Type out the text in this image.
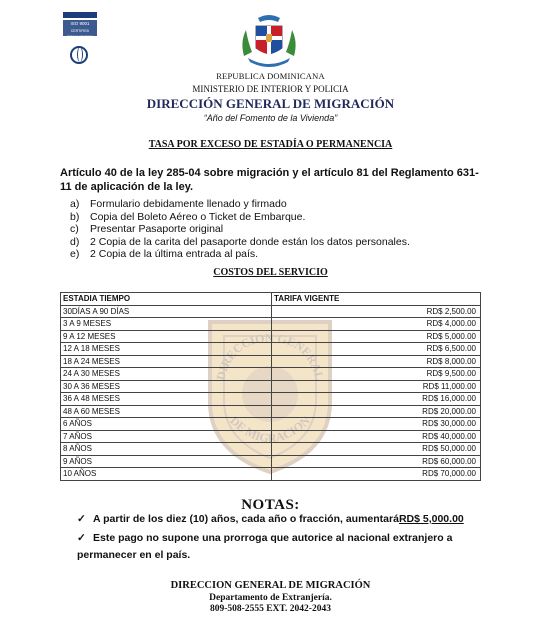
ISO 9001
CERTIFIED ORGANIZATION
REPUBLICA DOMINICANA
MINISTERIO DE INTERIOR Y POLICIA
DIRECCIÓN GENERAL DE MIGRACIÓN
“Año del Fomento de la Vivienda”
TASA POR EXCESO DE ESTADÍA O PERMANENCIA
Artículo 40 de la ley 285-04 sobre migración y el artículo 81 del Reglamento 631-11 de aplicación de la ley.
a)	Formulario debidamente llenado y firmado
b)	Copia del Boleto Aéreo o Ticket de Embarque.
c)	Presentar Pasaporte original
d)	2 Copia de la carita del pasaporte donde están los datos personales.
e)	2 Copia de la última entrada al país.
COSTOS DEL SERVICIO
DIRECCION GENERAL
DE MIGRACION
ESTADIA TIEMPO	TARIFA VIGENTE
30DÍAS A 90 DÍAS	RD$ 2,500.00
3 A 9 MESES	RD$ 4,000.00
9 A 12 MESES	RD$ 5,000.00
12 A 18 MESES	RD$ 6,500.00
18 A 24 MESES	RD$ 8,000.00
24 A 30 MESES	RD$ 9,500.00
30 A 36 MESES	RD$ 11,000.00
36 A 48 MESES	RD$ 16,000.00
48 A 60 MESES	RD$ 20,000.00
6 AÑOS	RD$ 30,000.00
7 AÑOS	RD$ 40,000.00
8 AÑOS	RD$ 50,000.00
9 AÑOS	RD$ 60,000.00
10 AÑOS	RD$ 70,000.00
NOTAS:
✓ A partir de los diez (10) años, cada año o fracción, aumentaráRD$ 5,000.00
✓ Este pago no supone una prorroga que autorice al nacional extranjero a permanecer en el país.
DIRECCION GENERAL DE MIGRACIÓN
Departamento de Extranjería.
809-508-2555 EXT. 2042-2043
